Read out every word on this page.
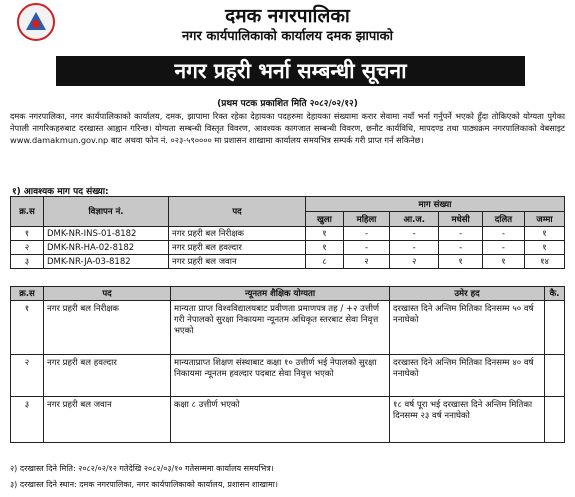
दमक नगरपालिका
नगर कार्यपालिकाको कार्यालय दमक झापाको
नगर प्रहरी भर्ना सम्बन्धी सूचना
(प्रथम पटक प्रकाशित मिति २०८२/०२/१२)
दमक नगरपालिका, नगर कार्यपालिकाको कार्यालय, दमक, झापामा रिक्त रहेका देहायका पदहरुमा देहायका संख्यामा करार सेवामा नयाँ भर्ना गर्नुपर्ने भएको हुँदा तोकिएको योग्यता पुगेका नेपाली नागरिकहरुबाट दरखास्त आह्वान गरिन्छ। योग्यता सम्बन्धी विस्तृत विवरण, आवश्यक कागजात सम्बन्धी विवरण, छनौट कार्यविधि, मापदण्ड तथा पाठ्यक्रम नगरपालिकाको वेबसाइट www.damakmun.gov.np बाट अथवा फोन नं. ०२३-५९०००० मा प्रशासन शाखामा कार्यालय समयभित्र सम्पर्क गरी प्राप्त गर्न सकिनेछ।
१) आवश्यक माग पद संख्या:
क्र.स	विज्ञापन नं.	पद	माग संख्या					
			खुला	महिला	आ.ज.	मधेसी	दलित	जम्मा
१	DMK-NR-INS-01-8182	नगर प्रहरी बल निरीक्षक	१	-	-	-	-	१
२	DMK-NR-HA-02-8182	नगर प्रहरी बल हवल्दार	१	-	-	-	-	१
३	DMK-NR-JA-03-8182	नगर प्रहरी बल जवान	८	२	२	१	१	१४
क्र.स	पद	न्यूनतम शैक्षिक योग्यता	उमेर हद	कै.
१	नगर प्रहरी बल निरीक्षक	मान्यता प्राप्त विश्वविद्यालयबाट प्रवीणता प्रमाणपत्र तह / +२ उत्तीर्ण गरी नेपालको सुरक्षा निकायमा न्यूनतम अधिकृत स्तरबाट सेवा निवृत्त भएको	दरखास्त दिने अन्तिम मितिका दिनसम्म ५० वर्ष ननाघेको	
२	नगर प्रहरी बल हवल्दार	मान्यताप्राप्त शिक्षण संस्थाबाट कक्षा १० उत्तीर्ण भई नेपालको सुरक्षा निकायमा न्यूनतम हवल्दार पदबाट सेवा निवृत्त भएको	दरखास्त दिने अन्तिम मितिका दिनसम्म ४० वर्ष ननाघेको	
३	नगर प्रहरी बल जवान	कक्षा ८ उत्तीर्ण भएको	१८ वर्ष पूरा भई दरखास्त दिने अन्तिम मितिका दिनसम्म २३ वर्ष ननाघेको	
२) दरखास्त दिने मिति: २०८२/०२/१२ गतेदेखि २०८२/०३/१० गतेसम्ममा कार्यालय समयभित्र।
३) दरखास्त दिने स्थान: दमक नगरपालिका, नगर कार्यपालिकाको कार्यालय, प्रशासन शाखामा।
